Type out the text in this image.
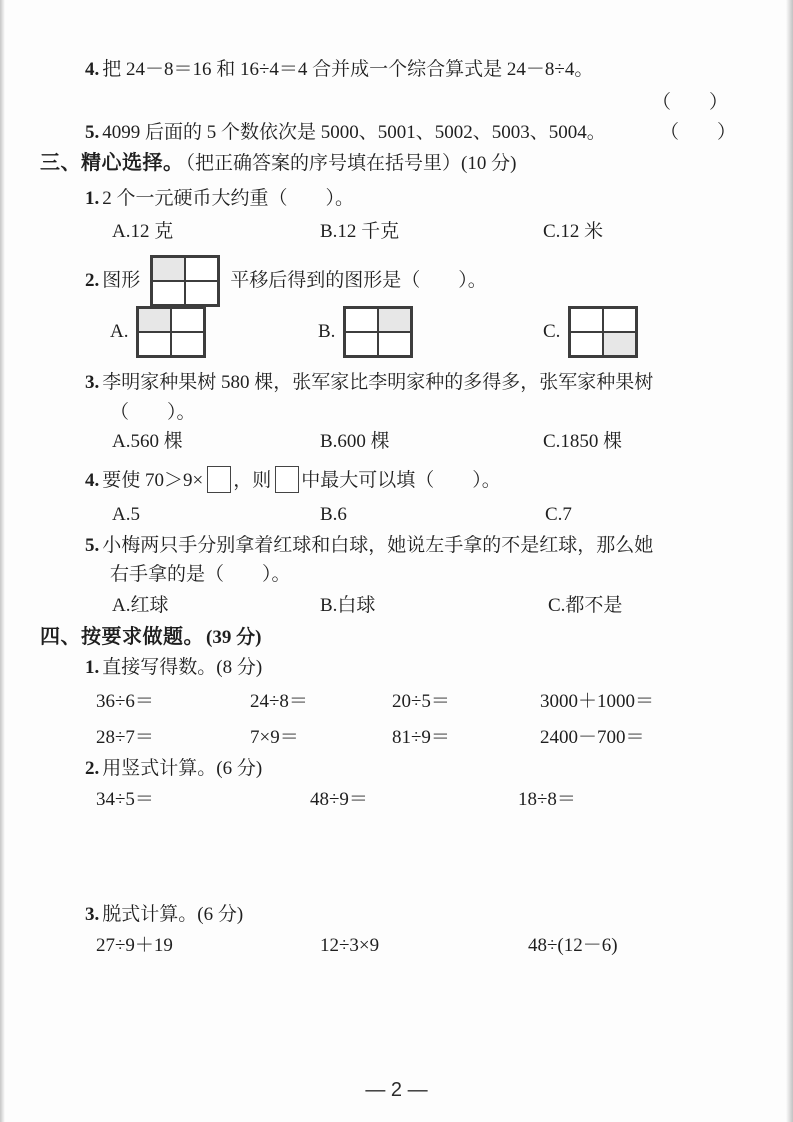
4. 把 24－8＝16 和 16÷4＝4 合并成一个综合算式是 24－8÷4。
（　　）
5. 4099 后面的 5 个数依次是 5000、5001、5002、5003、5004。	（　　）
三、精心选择。 （把正确答案的序号填在括号里）(10 分)
1. 2 个一元硬币大约重（　　）。
A.12 克	B.12 千克	C.12 米
2. 图形	平移后得到的图形是（　　）。
A.	B.	C.
3. 李明家种果树 580 棵，张军家比李明家种的多得多，张军家种果树
（　　）。
A.560 棵	B.600 棵	C.1850 棵
4. 要使 70＞9× ，则 中最大可以填（　　）。
A.5	B.6	C.7
5. 小梅两只手分别拿着红球和白球，她说左手拿的不是红球，那么她
右手拿的是（　　）。
A.红球	B.白球	C.都不是
四、按要求做题。 (39 分)
1. 直接写得数。(8 分)
36÷6＝	24÷8＝	20÷5＝	3000＋1000＝
28÷7＝	7×9＝	81÷9＝	2400－700＝
2. 用竖式计算。(6 分)
34÷5＝	48÷9＝	18÷8＝
3. 脱式计算。(6 分)
27÷9＋19	12÷3×9	48÷(12－6)
— 2 —
